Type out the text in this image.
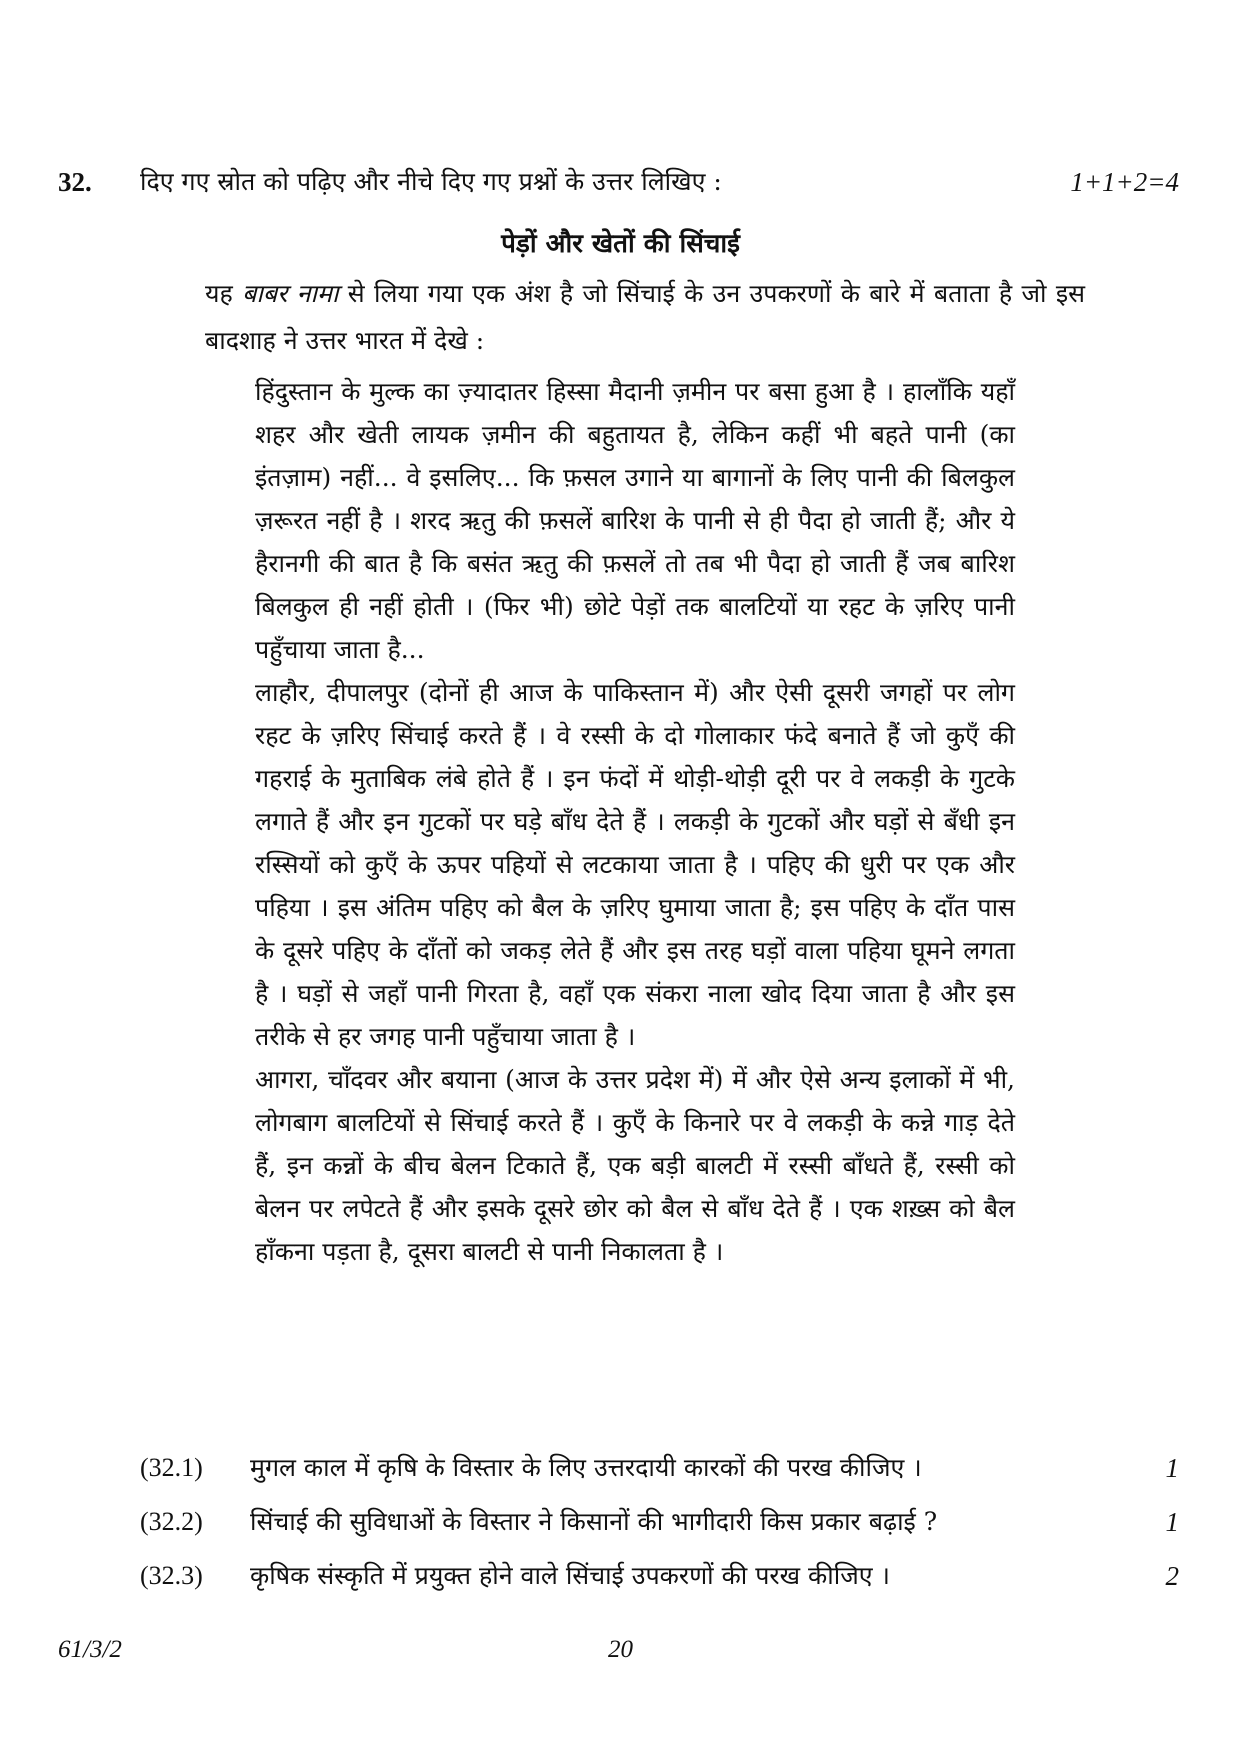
32. दिए गए स्रोत को पढ़िए और नीचे दिए गए प्रश्नों के उत्तर लिखिए :	1+1+2=4
पेड़ों और खेतों की सिंचाई
यह बाबर नामा से लिया गया एक अंश है जो सिंचाई के उन उपकरणों के बारे में बताता है जो इस बादशाह ने उत्तर भारत में देखे :

हिंदुस्तान के मुल्क का ज़्यादातर हिस्सा मैदानी ज़मीन पर बसा हुआ है । हालाँकि यहाँ शहर और खेती लायक ज़मीन की बहुतायत है, लेकिन कहीं भी बहते पानी (का इंतज़ाम) नहीं... वे इसलिए... कि फ़सल उगाने या बागानों के लिए पानी की बिलकुल ज़रूरत नहीं है । शरद ऋतु की फ़सलें बारिश के पानी से ही पैदा हो जाती हैं; और ये हैरानगी की बात है कि बसंत ऋतु की फ़सलें तो तब भी पैदा हो जाती हैं जब बारिश बिलकुल ही नहीं होती । (फिर भी) छोटे पेड़ों तक बालटियों या रहट के ज़रिए पानी पहुँचाया जाता है...

लाहौर, दीपालपुर (दोनों ही आज के पाकिस्तान में) और ऐसी दूसरी जगहों पर लोग रहट के ज़रिए सिंचाई करते हैं । वे रस्सी के दो गोलाकार फंदे बनाते हैं जो कुएँ की गहराई के मुताबिक लंबे होते हैं । इन फंदों में थोड़ी-थोड़ी दूरी पर वे लकड़ी के गुटके लगाते हैं और इन गुटकों पर घड़े बाँध देते हैं । लकड़ी के गुटकों और घड़ों से बँधी इन रस्सियों को कुएँ के ऊपर पहियों से लटकाया जाता है । पहिए की धुरी पर एक और पहिया । इस अंतिम पहिए को बैल के ज़रिए घुमाया जाता है; इस पहिए के दाँत पास के दूसरे पहिए के दाँतों को जकड़ लेते हैं और इस तरह घड़ों वाला पहिया घूमने लगता है । घड़ों से जहाँ पानी गिरता है, वहाँ एक संकरा नाला खोद दिया जाता है और इस तरीके से हर जगह पानी पहुँचाया जाता है ।

आगरा, चाँदवर और बयाना (आज के उत्तर प्रदेश में) में और ऐसे अन्य इलाकों में भी, लोगबाग बालटियों से सिंचाई करते हैं । कुएँ के किनारे पर वे लकड़ी के कन्ने गाड़ देते हैं, इन कन्नों के बीच बेलन टिकाते हैं, एक बड़ी बालटी में रस्सी बाँधते हैं, रस्सी को बेलन पर लपेटते हैं और इसके दूसरे छोर को बैल से बाँध देते हैं । एक शख़्स को बैल हाँकना पड़ता है, दूसरा बालटी से पानी निकालता है ।

(32.1) मुगल काल में कृषि के विस्तार के लिए उत्तरदायी कारकों की परख कीजिए ।	1
(32.2) सिंचाई की सुविधाओं के विस्तार ने किसानों की भागीदारी किस प्रकार बढ़ाई ?	1
(32.3) कृषिक संस्कृति में प्रयुक्त होने वाले सिंचाई उपकरणों की परख कीजिए ।	2
61/3/2	20
